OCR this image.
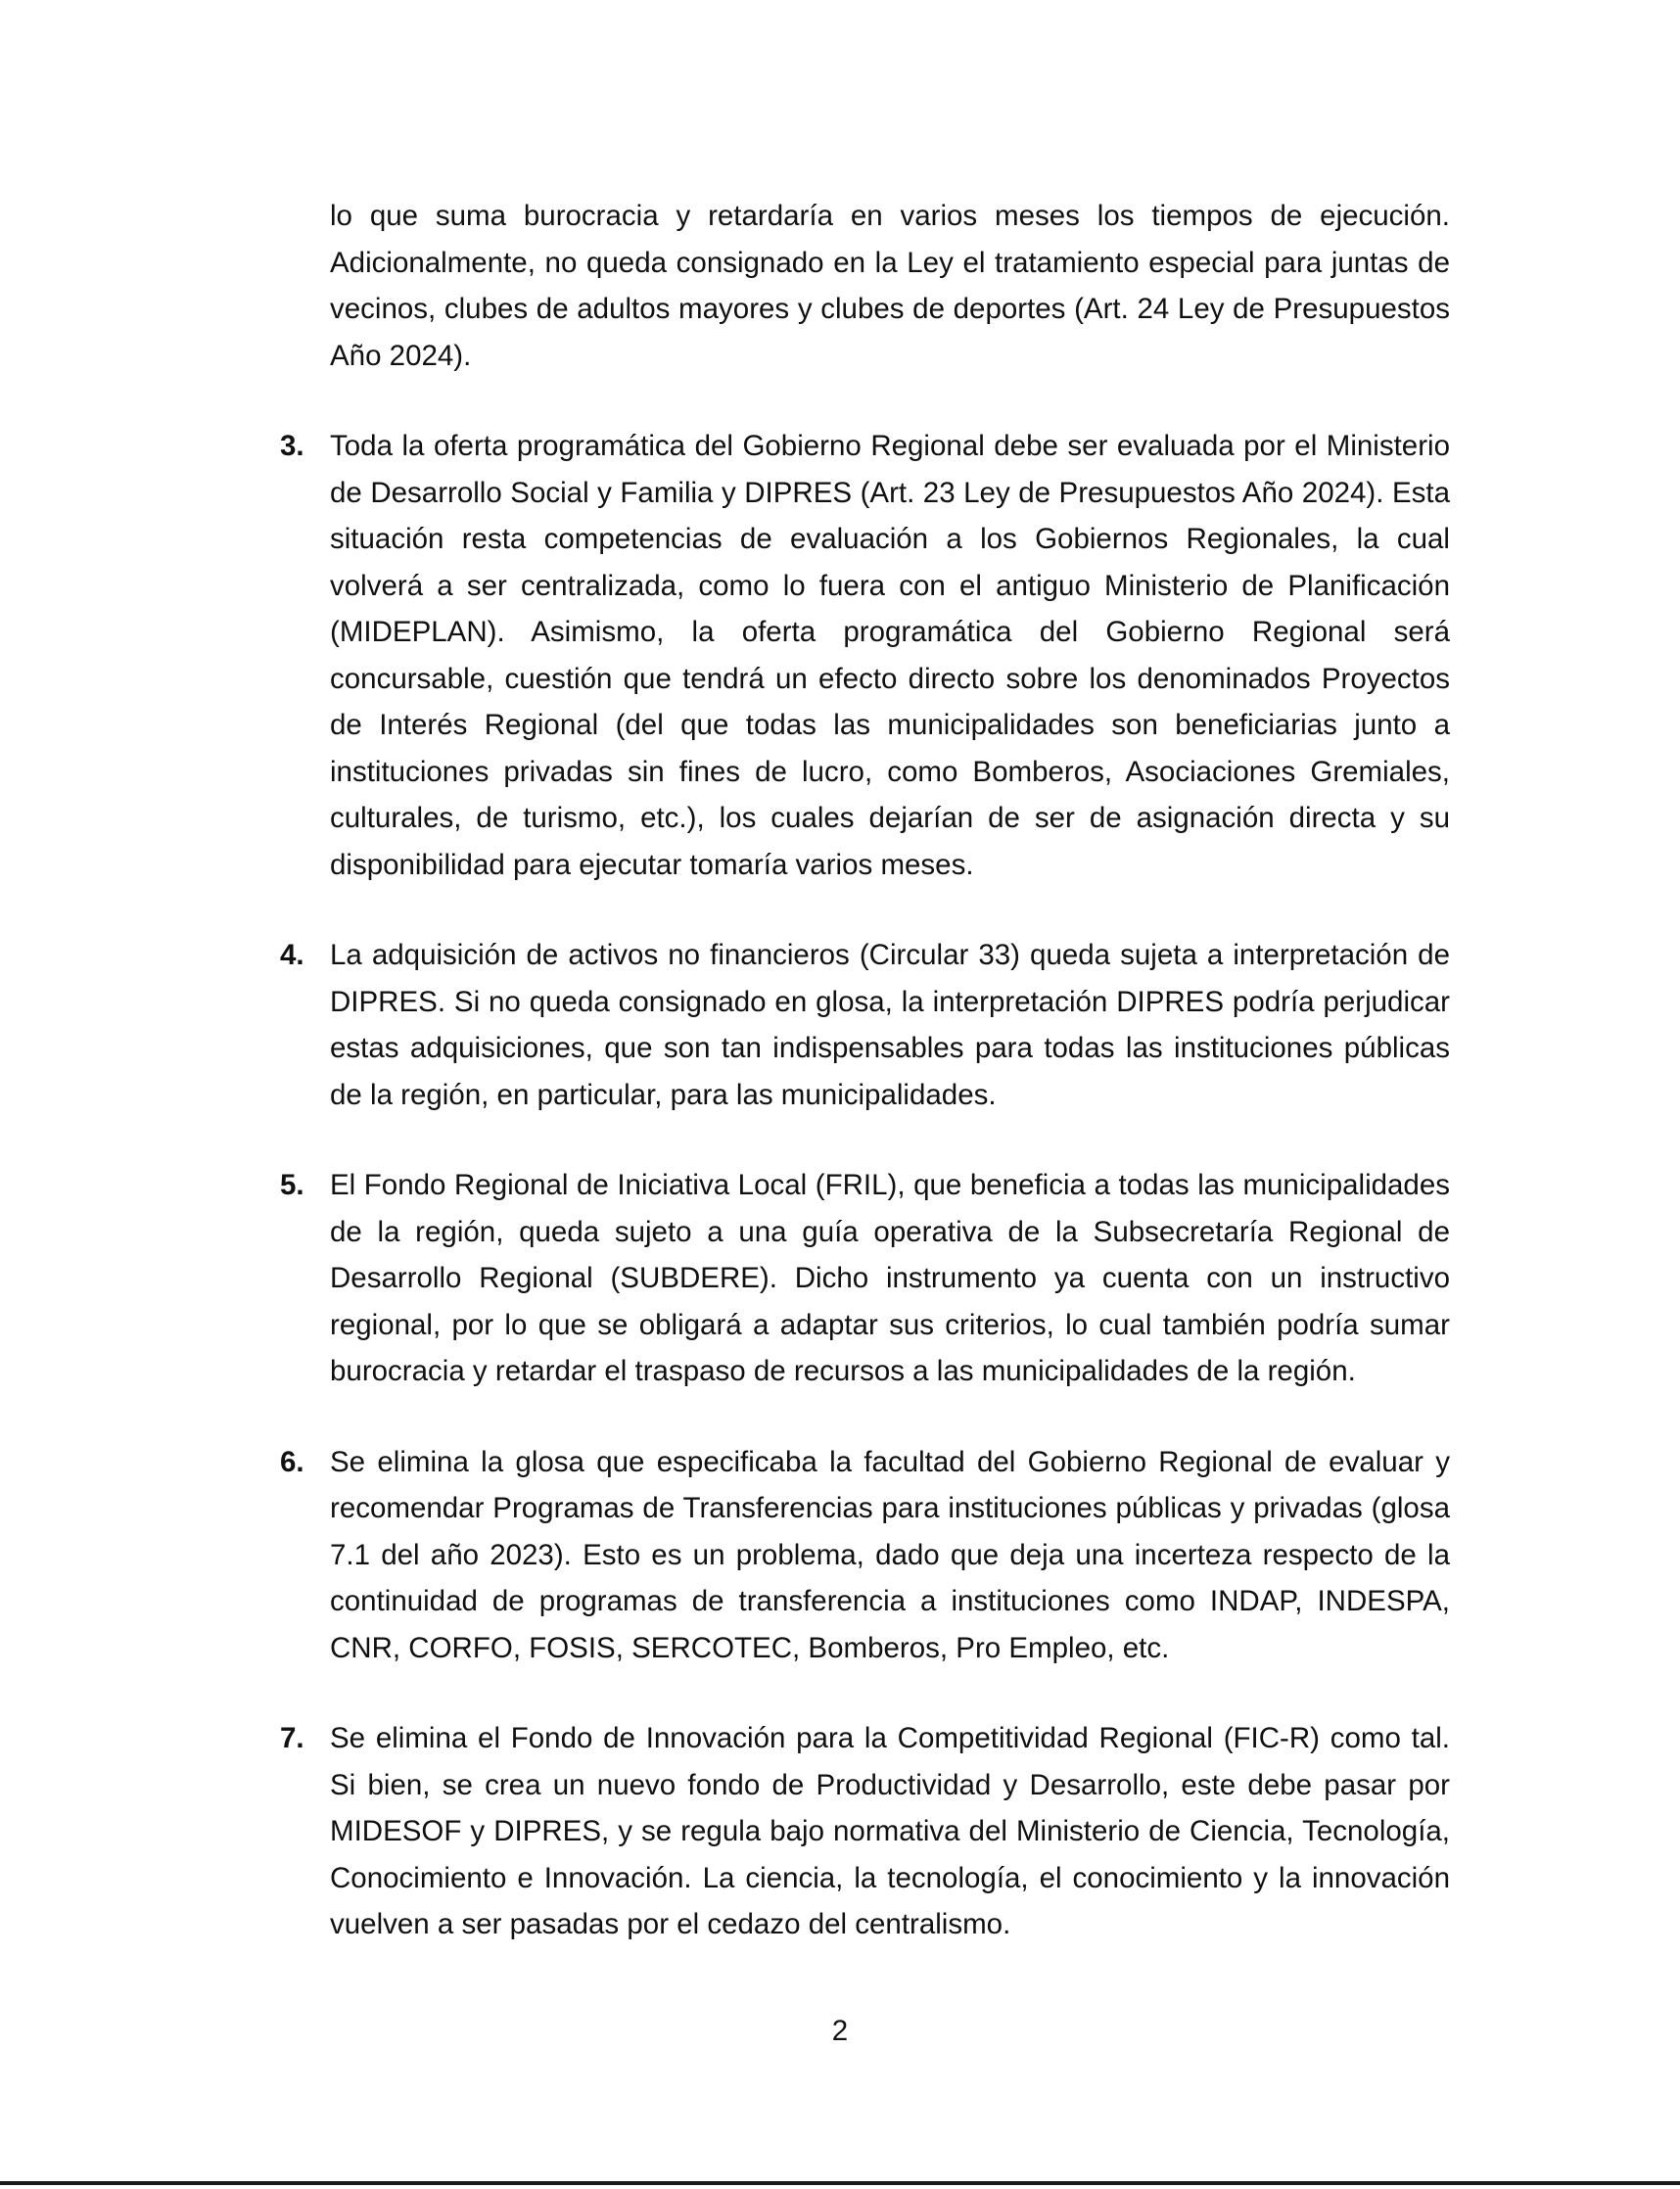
lo que suma burocracia y retardaría en varios meses los tiempos de ejecución. Adicionalmente, no queda consignado en la Ley el tratamiento especial para juntas de vecinos, clubes de adultos mayores y clubes de deportes (Art. 24 Ley de Presupuestos Año 2024).

3. Toda la oferta programática del Gobierno Regional debe ser evaluada por el Ministerio de Desarrollo Social y Familia y DIPRES (Art. 23 Ley de Presupuestos Año 2024). Esta situación resta competencias de evaluación a los Gobiernos Regionales, la cual volverá a ser centralizada, como lo fuera con el antiguo Ministerio de Planificación (MIDEPLAN). Asimismo, la oferta programática del Gobierno Regional será concursable, cuestión que tendrá un efecto directo sobre los denominados Proyectos de Interés Regional (del que todas las municipalidades son beneficiarias junto a instituciones privadas sin fines de lucro, como Bomberos, Asociaciones Gremiales, culturales, de turismo, etc.), los cuales dejarían de ser de asignación directa y su disponibilidad para ejecutar tomaría varios meses.

4. La adquisición de activos no financieros (Circular 33) queda sujeta a interpretación de DIPRES. Si no queda consignado en glosa, la interpretación DIPRES podría perjudicar estas adquisiciones, que son tan indispensables para todas las instituciones públicas de la región, en particular, para las municipalidades.

5. El Fondo Regional de Iniciativa Local (FRIL), que beneficia a todas las municipalidades de la región, queda sujeto a una guía operativa de la Subsecretaría Regional de Desarrollo Regional (SUBDERE). Dicho instrumento ya cuenta con un instructivo regional, por lo que se obligará a adaptar sus criterios, lo cual también podría sumar burocracia y retardar el traspaso de recursos a las municipalidades de la región.

6. Se elimina la glosa que especificaba la facultad del Gobierno Regional de evaluar y recomendar Programas de Transferencias para instituciones públicas y privadas (glosa 7.1 del año 2023). Esto es un problema, dado que deja una incerteza respecto de la continuidad de programas de transferencia a instituciones como INDAP, INDESPA, CNR, CORFO, FOSIS, SERCOTEC, Bomberos, Pro Empleo, etc.

7. Se elimina el Fondo de Innovación para la Competitividad Regional (FIC-R) como tal. Si bien, se crea un nuevo fondo de Productividad y Desarrollo, este debe pasar por MIDESOF y DIPRES, y se regula bajo normativa del Ministerio de Ciencia, Tecnología, Conocimiento e Innovación. La ciencia, la tecnología, el conocimiento y la innovación vuelven a ser pasadas por el cedazo del centralismo.

2
